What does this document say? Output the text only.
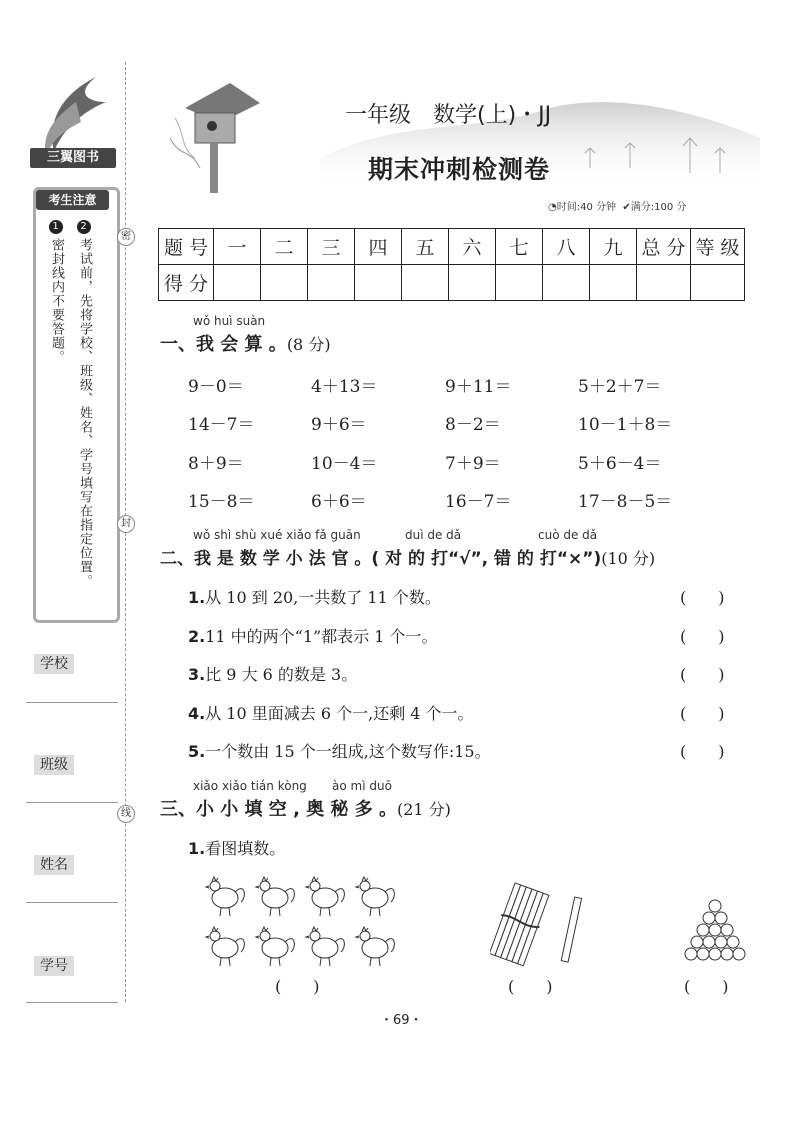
三翼图书
考生注意
2考试前，先将学校、班级、姓名、学号填写在指定位置。
1密封线内不要答题。
学校
班级
姓名
学号
密
封
线
一年级　数学(上)・JJ
期末冲刺检测卷
◔时间:40 分钟 ✔满分:100 分
题 号	一	二	三	四	五	六	七	八	九	总 分	等 级
得 分											
wǒ huì suàn
一、我 会 算 。(8 分)
9－0＝	4＋13＝	9＋11＝	5＋2＋7＝
14－7＝	9＋6＝	8－2＝	10－1＋8＝
8＋9＝	10－4＝	7＋9＝	5＋6－4＝
15－8＝	6＋6＝	16－7＝	17－8－5＝
wǒ shì shù xué xiǎo fǎ guān	duì de dǎ	cuò de dǎ
二、我 是 数 学 小 法 官 。( 对 的 打“√”, 错 的 打“×”)(10 分)
1.从 10 到 20,一共数了 11 个数。	(　　)
2.11 中的两个“1”都表示 1 个一。	(　　)
3.比 9 大 6 的数是 3。	(　　)
4.从 10 里面减去 6 个一,还剩 4 个一。	(　　)
5.一个数由 15 个一组成,这个数写作:15。	(　　)
xiǎo xiǎo tián kòng ào mì duō
三、小 小 填 空 , 奥 秘 多 。(21 分)
1.看图填数。
(　　)	(　　)	(　　)
・69・
